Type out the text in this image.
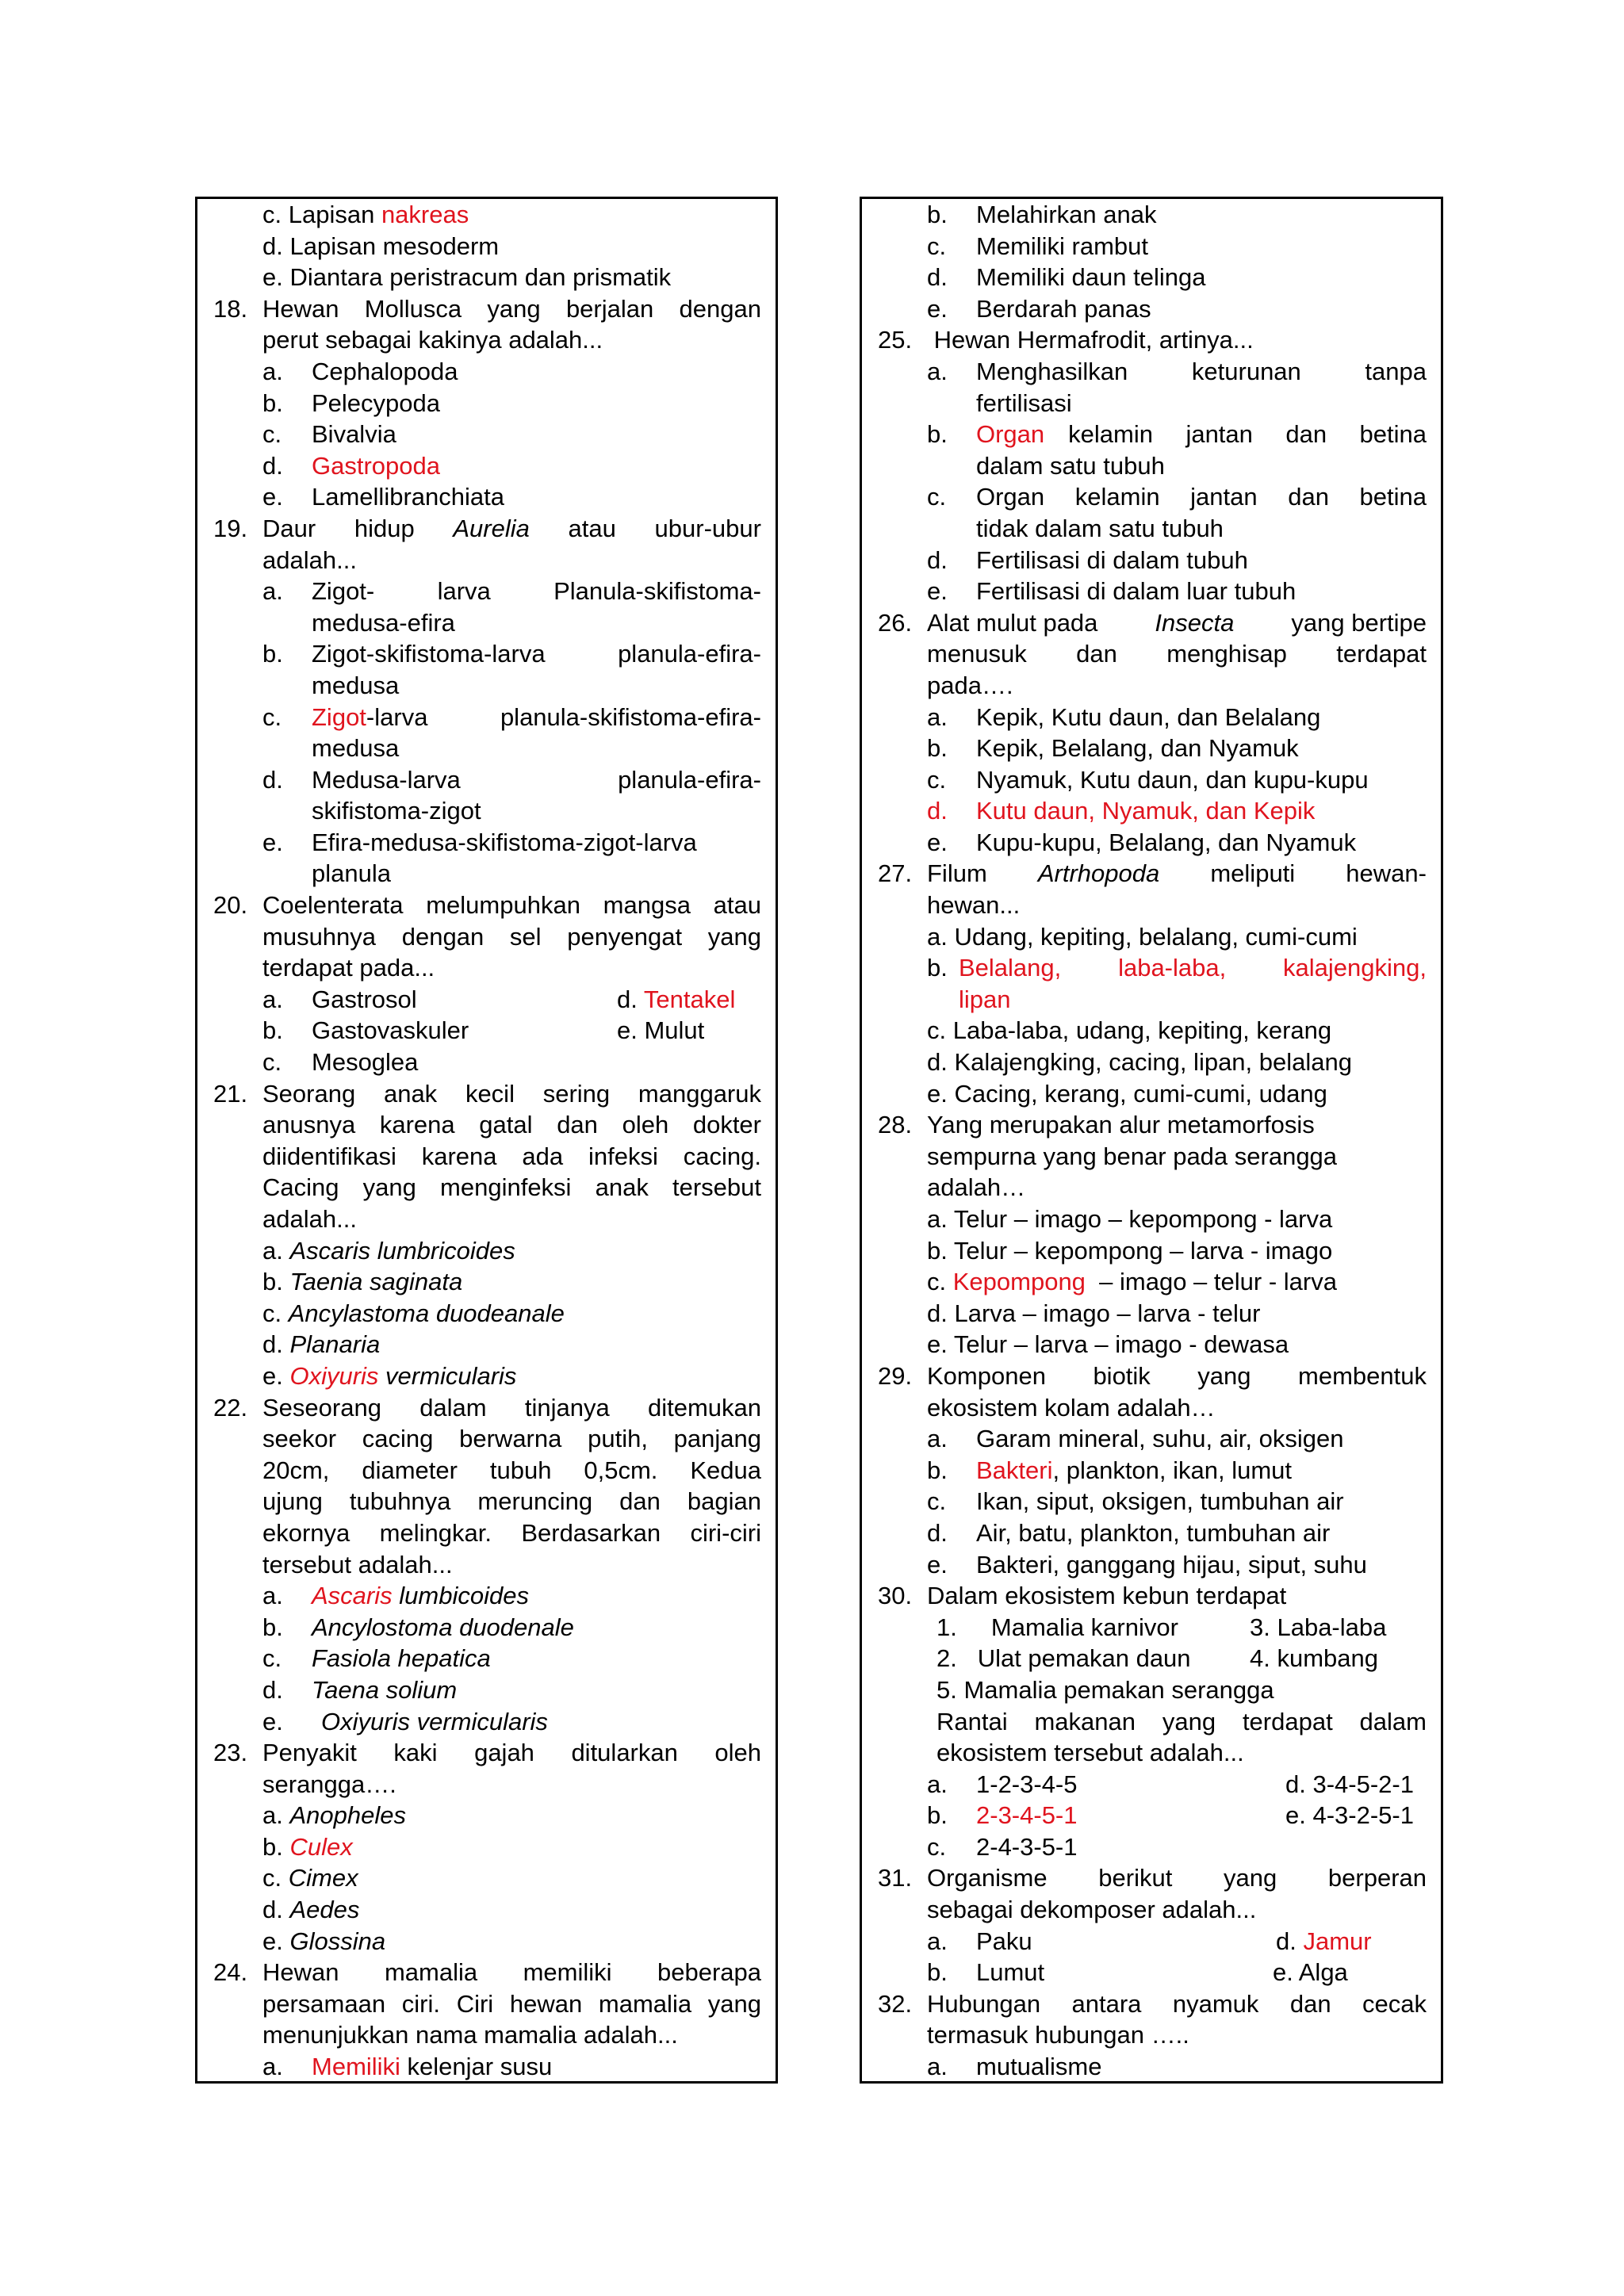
c. Lapisan nakreas
d. Lapisan mesoderm
e. Diantara peristracum dan prismatik
18. Hewan Mollusca yang berjalan dengan
perut sebagai kakinya adalah...
a. Cephalopoda
b. Pelecypoda
c. Bivalvia
d. Gastropoda
e. Lamellibranchiata
19. Daur hidup Aurelia atau ubur-ubur
adalah...
a.	Zigot-	larva	Planula-skifistoma-
medusa-efira
b.	Zigot-skifistoma-larva	planula-efira-
medusa
c.	Zigot-larva	planula-skifistoma-efira-
medusa
d.	Medusa-larva	planula-efira-
skifistoma-zigot
e. Efira-medusa-skifistoma-zigot-larva
planula
20. Coelenterata melumpuhkan mangsa atau
musuhnya dengan sel penyengat yang
terdapat pada...
a. Gastrosol	d. Tentakel
b. Gastovaskuler	e. Mulut
c. Mesoglea
21. Seorang anak kecil sering manggaruk
anusnya karena gatal dan oleh dokter
diidentifikasi karena ada infeksi cacing.
Cacing yang menginfeksi anak tersebut
adalah...
a. Ascaris lumbricoides
b. Taenia saginata
c. Ancylastoma duodeanale
d. Planaria
e. Oxiyuris vermicularis
22. Seseorang dalam tinjanya ditemukan
seekor cacing berwarna putih, panjang
20cm, diameter tubuh 0,5cm. Kedua
ujung tubuhnya meruncing dan bagian
ekornya melingkar. Berdasarkan ciri-ciri
tersebut adalah...
a. Ascaris lumbicoides
b. Ancylostoma duodenale
c. Fasiola hepatica
d. Taena solium
e. Oxiyuris vermicularis
23. Penyakit kaki gajah ditularkan oleh
serangga….
a. Anopheles
b. Culex
c. Cimex
d. Aedes
e. Glossina
24. Hewan mamalia memiliki beberapa
persamaan ciri. Ciri hewan mamalia yang
menunjukkan nama mamalia adalah...
a. Memiliki kelenjar susu
b. Melahirkan anak
c. Memiliki rambut
d. Memiliki daun telinga
e. Berdarah panas
25. Hewan Hermafrodit, artinya...
a.	Menghasilkan keturunan tanpa
fertilisasi
b.	Organ kelamin jantan dan betina
dalam satu tubuh
c.	Organ kelamin jantan dan betina
tidak dalam satu tubuh
d. Fertilisasi di dalam tubuh
e. Fertilisasi di dalam luar tubuh
26. Alat mulut pada Insecta yang bertipe
menusuk dan menghisap terdapat
pada….
a. Kepik, Kutu daun, dan Belalang
b. Kepik, Belalang, dan Nyamuk
c. Nyamuk, Kutu daun, dan kupu-kupu
d. Kutu daun, Nyamuk, dan Kepik
e. Kupu-kupu, Belalang, dan Nyamuk
27. Filum Artrhopoda meliputi hewan-
hewan...
a. Udang, kepiting, belalang, cumi-cumi
b. Belalang, laba-laba, kalajengking,
lipan
c. Laba-laba, udang, kepiting, kerang
d. Kalajengking, cacing, lipan, belalang
e. Cacing, kerang, cumi-cumi, udang
28. Yang merupakan alur metamorfosis
sempurna yang benar pada serangga
adalah…
a. Telur – imago – kepompong - larva
b. Telur – kepompong – larva - imago
c. Kepompong  – imago – telur - larva
d. Larva – imago – larva - telur
e. Telur – larva – imago - dewasa
29. Komponen biotik yang membentuk
ekosistem kolam adalah…
a. Garam mineral, suhu, air, oksigen
b. Bakteri, plankton, ikan, lumut
c. Ikan, siput, oksigen, tumbuhan air
d. Air, batu, plankton, tumbuhan air
e. Bakteri, ganggang hijau, siput, suhu
30. Dalam ekosistem kebun terdapat
1.     Mamalia karnivor	3. Laba-laba
2.   Ulat pemakan daun 4. kumbang
5. Mamalia pemakan serangga
Rantai makanan yang terdapat dalam
ekosistem tersebut adalah...
a. 1-2-3-4-5	d. 3-4-5-2-1
b. 2-3-4-5-1	e. 4-3-2-5-1
c. 2-4-3-5-1
31. Organisme berikut yang berperan
sebagai dekomposer adalah...
a. Paku	d. Jamur
b. Lumut	e. Alga
32. Hubungan antara nyamuk dan cecak
termasuk hubungan …..
a. mutualisme
